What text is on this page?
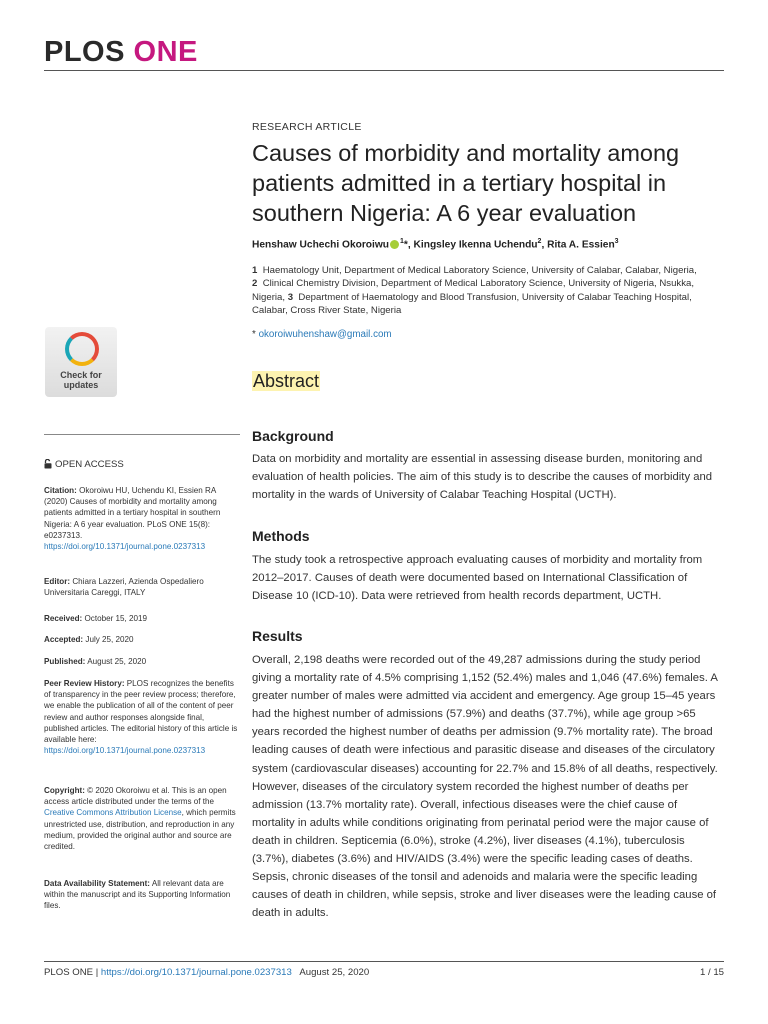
PLOS ONE
RESEARCH ARTICLE
Causes of morbidity and mortality among patients admitted in a tertiary hospital in southern Nigeria: A 6 year evaluation
Henshaw Uchechi Okoroiwu $^1$*, Kingsley Ikenna Uchendu$^2$, Rita A. Essien$^3$
1 Haematology Unit, Department of Medical Laboratory Science, University of Calabar, Calabar, Nigeria,
2 Clinical Chemistry Division, Department of Medical Laboratory Science, University of Nigeria, Nsukka, Nigeria, 3 Department of Haematology and Blood Transfusion, University of Calabar Teaching Hospital, Calabar, Cross River State, Nigeria
* okoroiwuhenshaw@gmail.com
Abstract
Background
Data on morbidity and mortality are essential in assessing disease burden, monitoring and evaluation of health policies. The aim of this study is to describe the causes of morbidity and mortality in the wards of University of Calabar Teaching Hospital (UCTH).
Methods
The study took a retrospective approach evaluating causes of morbidity and mortality from 2012–2017. Causes of death were documented based on International Classification of Disease 10 (ICD-10). Data were retrieved from health records department, UCTH.
Results
Overall, 2,198 deaths were recorded out of the 49,287 admissions during the study period giving a mortality rate of 4.5% comprising 1,152 (52.4%) males and 1,046 (47.6%) females. A greater number of males were admitted via accident and emergency. Age group 15–45 years had the highest number of admissions (57.9%) and deaths (37.7%), while age group >65 years recorded the highest number of deaths per admission (9.7% mortality rate). The broad leading causes of death were infectious and parasitic disease and diseases of the circulatory system (cardiovascular diseases) accounting for 22.7% and 15.8% of all deaths, respectively. However, diseases of the circulatory system recorded the highest number of deaths per admission (13.7% mortality rate). Overall, infectious diseases were the chief cause of mortality in adults while conditions originating from perinatal period were the major cause of death in children. Septicemia (6.0%), stroke (4.2%), liver diseases (4.1%), tuberculosis (3.7%), diabetes (3.6%) and HIV/AIDS (3.4%) were the specific leading cases of deaths. Sepsis, chronic diseases of the tonsil and adenoids and malaria were the specific leading causes of death in children, while sepsis, stroke and liver diseases were the leading cause of death in adults.
Check for updates
OPEN ACCESS
Citation: Okoroiwu HU, Uchendu KI, Essien RA (2020) Causes of morbidity and mortality among patients admitted in a tertiary hospital in southern Nigeria: A 6 year evaluation. PLoS ONE 15(8): e0237313. https://doi.org/10.1371/journal.pone.0237313
Editor: Chiara Lazzeri, Azienda Ospedaliero Universitaria Careggi, ITALY
Received: October 15, 2019
Accepted: July 25, 2020
Published: August 25, 2020
Peer Review History: PLOS recognizes the benefits of transparency in the peer review process; therefore, we enable the publication of all of the content of peer review and author responses alongside final, published articles. The editorial history of this article is available here: https://doi.org/10.1371/journal.pone.0237313
Copyright: © 2020 Okoroiwu et al. This is an open access article distributed under the terms of the Creative Commons Attribution License, which permits unrestricted use, distribution, and reproduction in any medium, provided the original author and source are credited.
Data Availability Statement: All relevant data are within the manuscript and its Supporting Information files.
PLOS ONE | https://doi.org/10.1371/journal.pone.0237313 August 25, 2020	1 / 15
